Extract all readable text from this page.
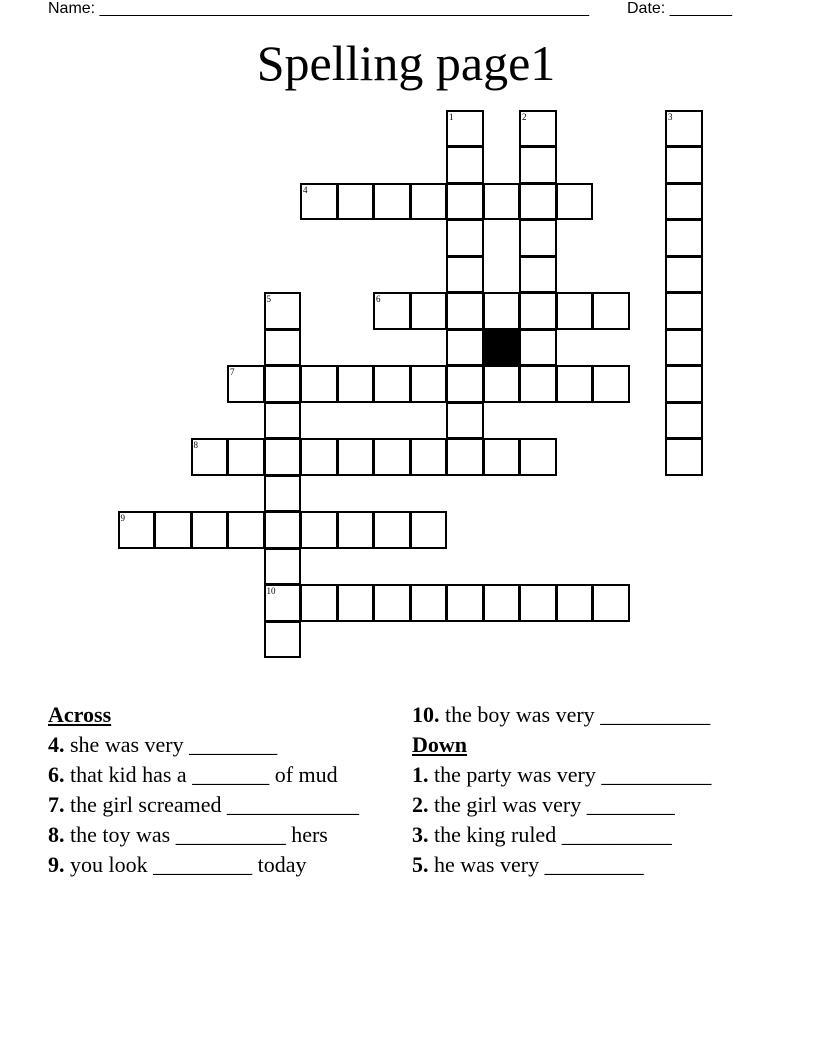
Name: _______________________________________________________ Date: _______
Spelling page1
1	2	3
4
5	6
7
8
9
10
Across
4. she was very ________
6. that kid has a _______ of mud
7. the girl screamed ____________
8. the toy was __________ hers
9. you look _________ today
10. the boy was very __________
Down
1. the party was very __________
2. the girl was very ________
3. the king ruled __________
5. he was very _________
